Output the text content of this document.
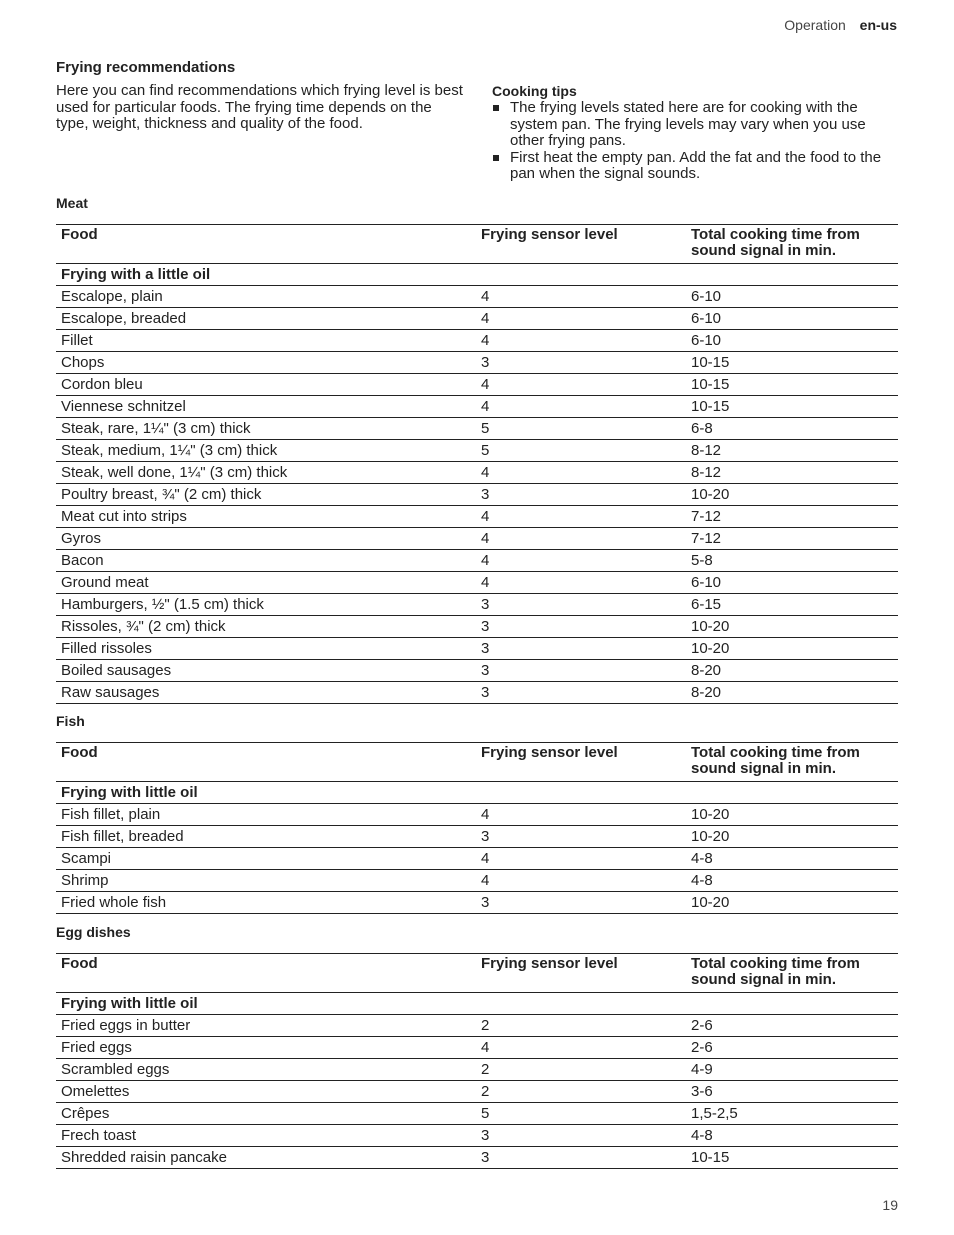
Operation en-us
Frying recommendations

Here you can find recommendations which frying level is best used for particular foods. The frying time depends on the type, weight, thickness and quality of the food.

Cooking tips

The frying levels stated here are for cooking with the system pan. The frying levels may vary when you use other frying pans.
First heat the empty pan. Add the fat and the food to the pan when the signal sounds.
Meat
Food	Frying sensor level	Total cooking time from sound signal in min.
Frying with a little oil		
Escalope, plain	4	6-10
Escalope, breaded	4	6-10
Fillet	4	6-10
Chops	3	10-15
Cordon bleu	4	10-15
Viennese schnitzel	4	10-15
Steak, rare, 1¼" (3 cm) thick	5	6-8
Steak, medium, 1¼" (3 cm) thick	5	8-12
Steak, well done, 1¼" (3 cm) thick	4	8-12
Poultry breast, ¾" (2 cm) thick	3	10-20
Meat cut into strips	4	7-12
Gyros	4	7-12
Bacon	4	5-8
Ground meat	4	6-10
Hamburgers, ½" (1.5 cm) thick	3	6-15
Rissoles, ¾" (2 cm) thick	3	10-20
Filled rissoles	3	10-20
Boiled sausages	3	8-20
Raw sausages	3	8-20
Fish
Food	Frying sensor level	Total cooking time from sound signal in min.
Frying with little oil		
Fish fillet, plain	4	10-20
Fish fillet, breaded	3	10-20
Scampi	4	4-8
Shrimp	4	4-8
Fried whole fish	3	10-20
Egg dishes
Food	Frying sensor level	Total cooking time from sound signal in min.
Frying with little oil		
Fried eggs in butter	2	2-6
Fried eggs	4	2-6
Scrambled eggs	2	4-9
Omelettes	2	3-6
Crêpes	5	1,5-2,5
Frech toast	3	4-8
Shredded raisin pancake	3	10-15
19
